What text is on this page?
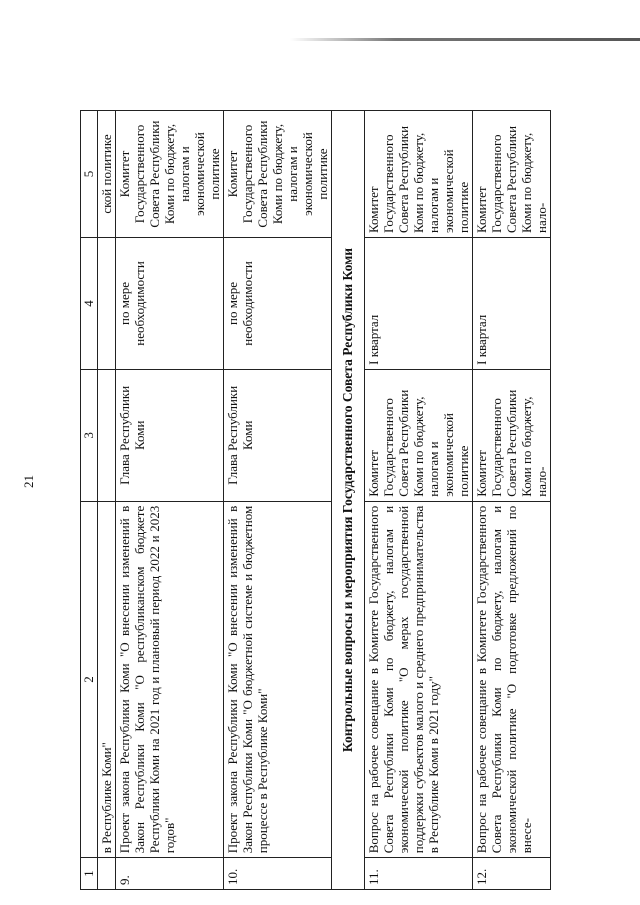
21
1	2	3	4	5
	в Республике Коми"			ской политике
9.	Проект закона Республики Коми "О внесении изменений в Закон Республики Коми "О республиканском бюджете Республики Коми на 2021 год и плановый период 2022 и 2023 годов"	Глава Республики Коми	по мере необходимости	Комитет Государственного Совета Республики Коми по бюджету, налогам и экономической политике
10.	Проект закона Республики Коми "О внесении изменений в Закон Республики Коми "О бюджетной системе и бюджетном процессе в Республике Коми"	Глава Республики Коми	по мере необходимости	Комитет Государственного Совета Республики Коми по бюджету, налогам и экономической политике
Контрольные вопросы и мероприятия Государственного Совета Республики Коми				
11.	Вопрос на рабочее совещание в Комитете Государственного Совета Республики Коми по бюджету, налогам и экономической политике "О мерах государственной поддержки субъектов малого и среднего предпринимательства в Республике Коми в 2021 году"	Комитет Государственного Совета Республики Коми по бюджету, налогам и экономической политике	I квартал	Комитет Государственного Совета Республики Коми по бюджету, налогам и экономической политике
12.	Вопрос на рабочее совещание в Комитете Государственного Совета Республики Коми по бюджету, налогам и экономической политике "О подготовке предложений по внесе-	Комитет Государственного Совета Республики Коми по бюджету, нало-	I квартал	Комитет Государственного Совета Республики Коми по бюджету, нало-
